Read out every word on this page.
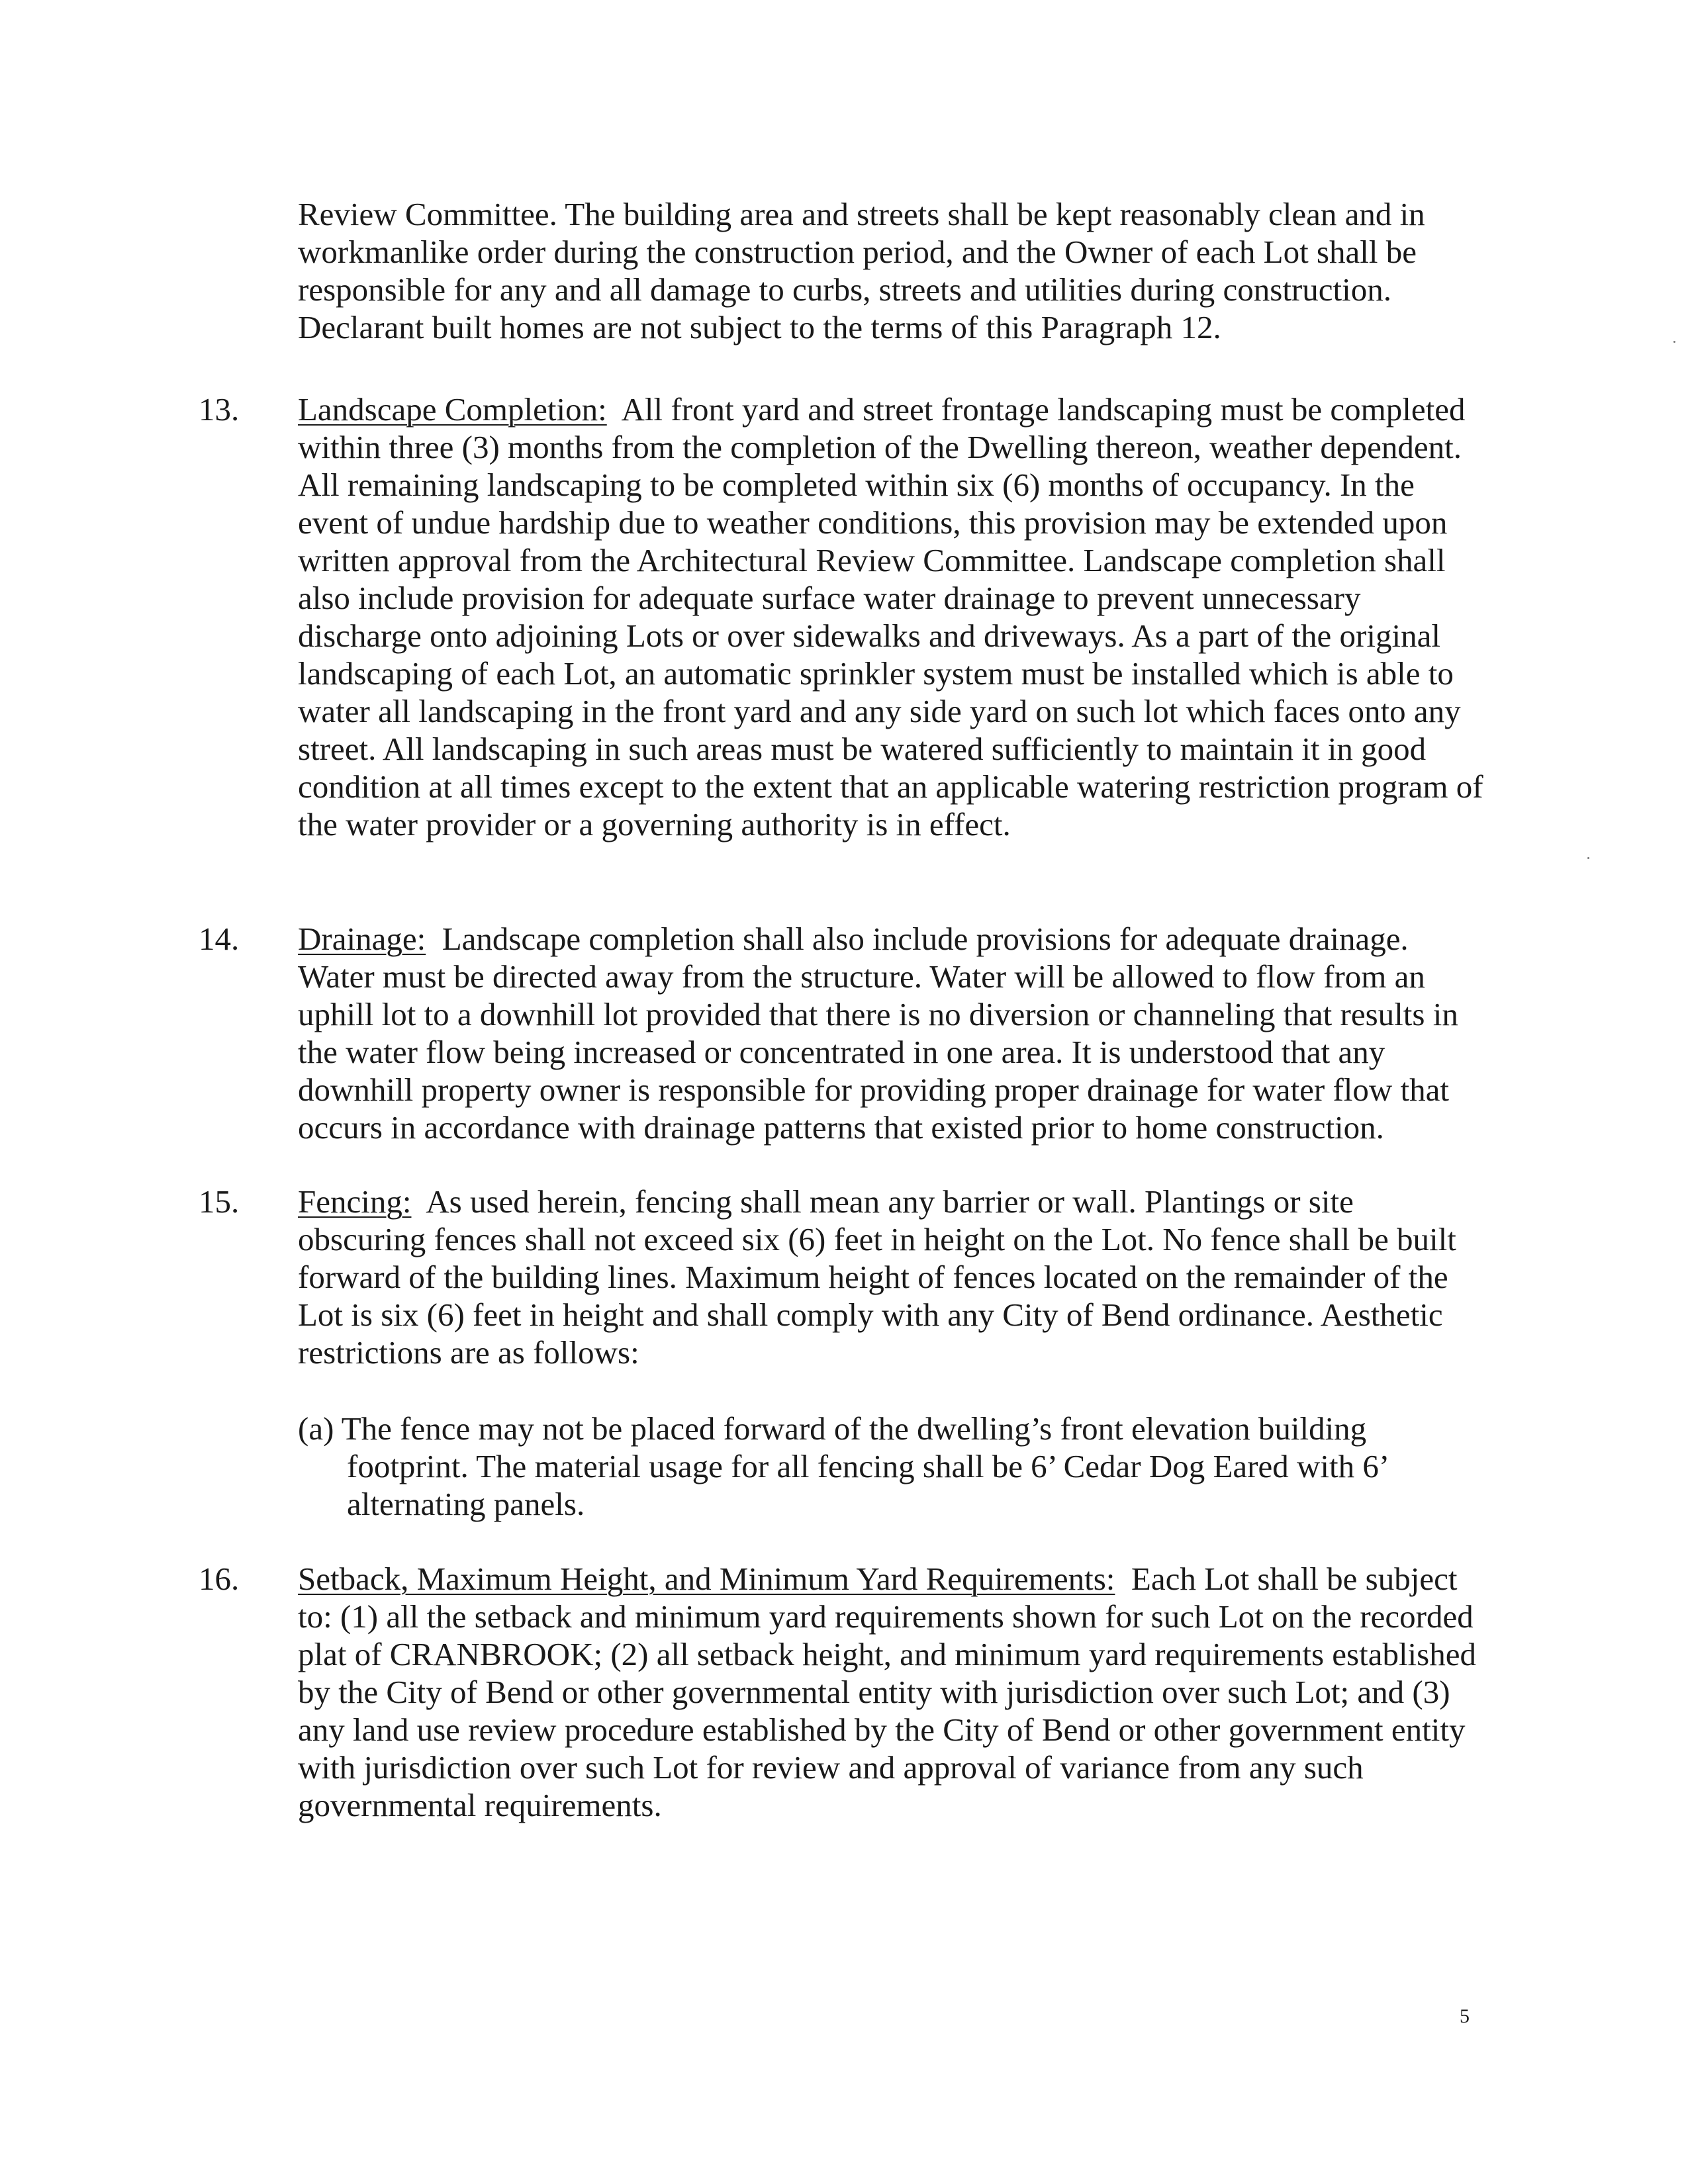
Review Committee. The building area and streets shall be kept reasonably clean and in workmanlike order during the construction period, and the Owner of each Lot shall be responsible for any and all damage to curbs, streets and utilities during construction. Declarant built homes are not subject to the terms of this Paragraph 12.
13. Landscape Completion: All front yard and street frontage landscaping must be completed within three (3) months from the completion of the Dwelling thereon, weather dependent. All remaining landscaping to be completed within six (6) months of occupancy. In the event of undue hardship due to weather conditions, this provision may be extended upon written approval from the Architectural Review Committee. Landscape completion shall also include provision for adequate surface water drainage to prevent unnecessary discharge onto adjoining Lots or over sidewalks and driveways. As a part of the original landscaping of each Lot, an automatic sprinkler system must be installed which is able to water all landscaping in the front yard and any side yard on such lot which faces onto any street. All landscaping in such areas must be watered sufficiently to maintain it in good condition at all times except to the extent that an applicable watering restriction program of the water provider or a governing authority is in effect.
14. Drainage: Landscape completion shall also include provisions for adequate drainage. Water must be directed away from the structure. Water will be allowed to flow from an uphill lot to a downhill lot provided that there is no diversion or channeling that results in the water flow being increased or concentrated in one area. It is understood that any downhill property owner is responsible for providing proper drainage for water flow that occurs in accordance with drainage patterns that existed prior to home construction.
15. Fencing: As used herein, fencing shall mean any barrier or wall. Plantings or site obscuring fences shall not exceed six (6) feet in height on the Lot. No fence shall be built forward of the building lines. Maximum height of fences located on the remainder of the Lot is six (6) feet in height and shall comply with any City of Bend ordinance. Aesthetic restrictions are as follows:
(a) The fence may not be placed forward of the dwelling’s front elevation building footprint. The material usage for all fencing shall be 6’ Cedar Dog Eared with 6’ alternating panels.
16. Setback, Maximum Height, and Minimum Yard Requirements: Each Lot shall be subject to: (1) all the setback and minimum yard requirements shown for such Lot on the recorded plat of CRANBROOK; (2) all setback height, and minimum yard requirements established by the City of Bend or other governmental entity with jurisdiction over such Lot; and (3) any land use review procedure established by the City of Bend or other government entity with jurisdiction over such Lot for review and approval of variance from any such governmental requirements.
5
